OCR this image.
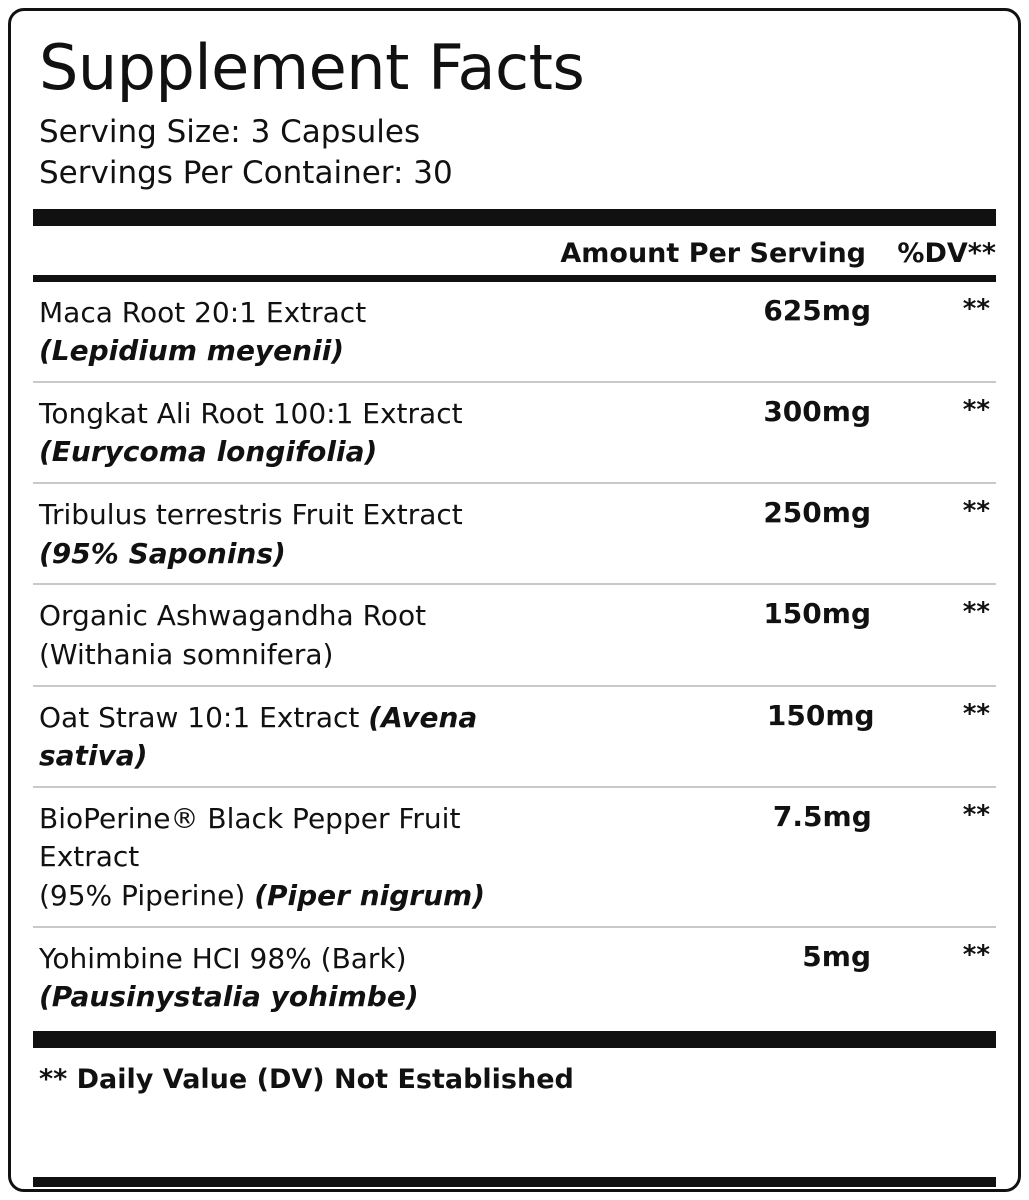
Supplement Facts
Serving Size: 3 Capsules
Servings Per Container: 30
Amount Per Serving	%DV**
Maca Root 20:1 Extract
(Lepidium meyenii)
625mg	**
Tongkat Ali Root 100:1 Extract
(Eurycoma longifolia)
300mg	**
Tribulus terrestris Fruit Extract
(95% Saponins)
250mg	**
Organic Ashwagandha Root
(Withania somnifera)
150mg	**
Oat Straw 10:1 Extract (Avena sativa)
150mg	**
BioPerine® Black Pepper Fruit Extract
(95% Piperine) (Piper nigrum)
7.5mg	**
Yohimbine HCI 98% (Bark)
(Pausinystalia yohimbe)
5mg	**
** Daily Value (DV) Not Established
